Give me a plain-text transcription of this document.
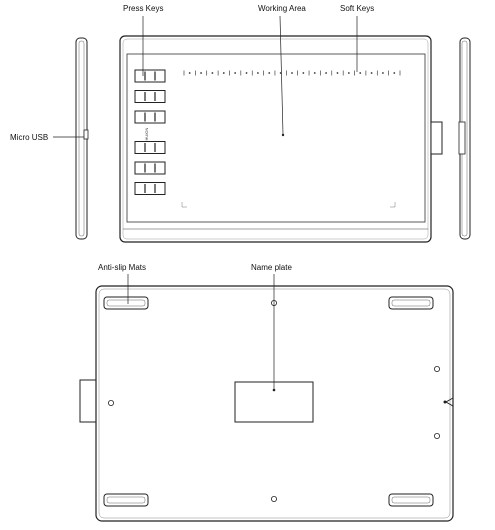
HUION
Press Keys	Working Area	Soft Keys
Micro USB
Anti-slip Mats	Name plate
